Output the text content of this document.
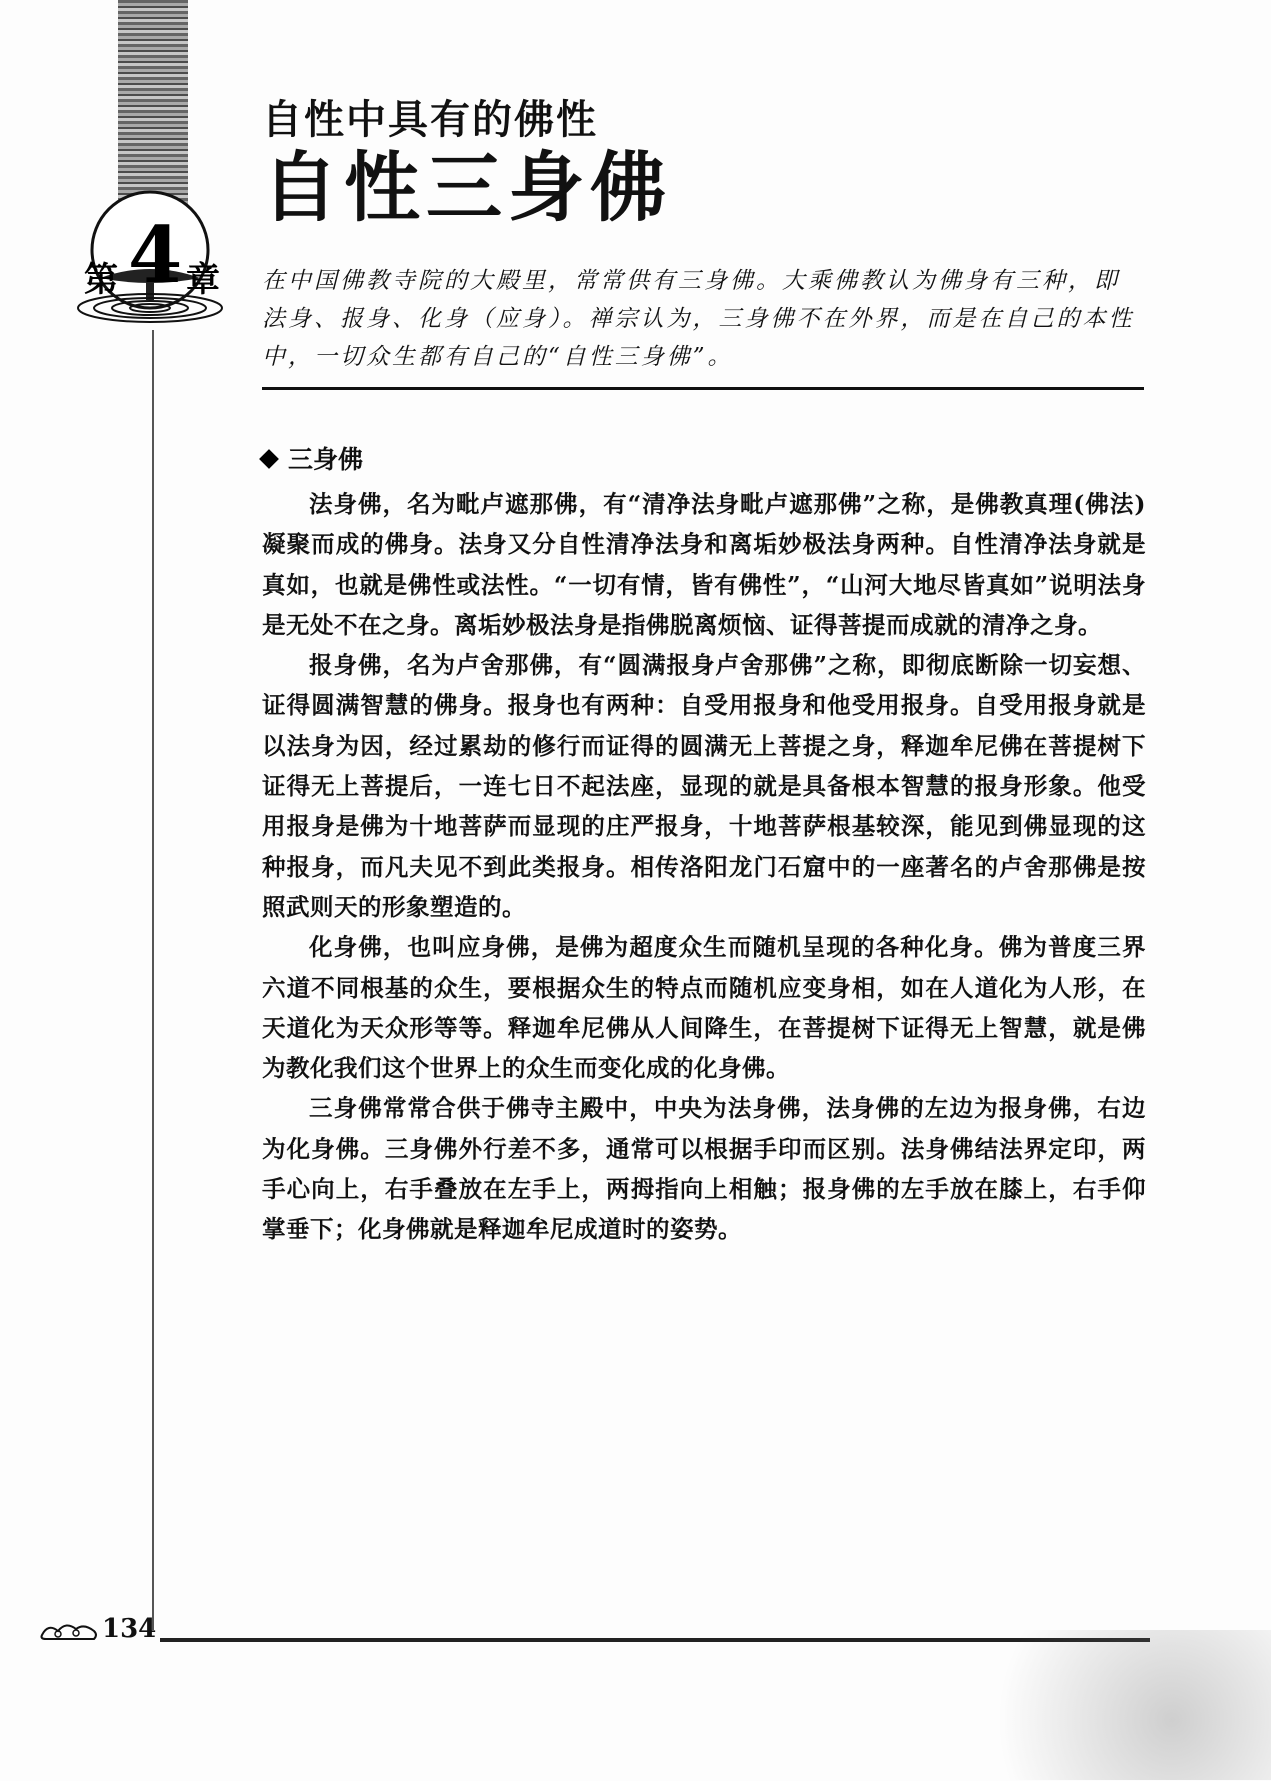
第 4 章
自性中具有的佛性
自性三身佛
在中国佛教寺院的大殿里，常常供有三身佛。大乘佛教认为佛身有三种，即法身、报身、化身（应身）。禅宗认为，三身佛不在外界，而是在自己的本性中，一切众生都有自己的“自性三身佛”。
三身佛

法身佛，名为毗卢遮那佛，有“清净法身毗卢遮那佛”之称，是佛教真理(佛法)凝聚而成的佛身。法身又分自性清净法身和离垢妙极法身两种。自性清净法身就是真如，也就是佛性或法性。“一切有情，皆有佛性”，“山河大地尽皆真如”说明法身是无处不在之身。离垢妙极法身是指佛脱离烦恼、证得菩提而成就的清净之身。

报身佛，名为卢舍那佛，有“圆满报身卢舍那佛”之称，即彻底断除一切妄想、证得圆满智慧的佛身。报身也有两种：自受用报身和他受用报身。自受用报身就是以法身为因，经过累劫的修行而证得的圆满无上菩提之身，释迦牟尼佛在菩提树下证得无上菩提后，一连七日不起法座，显现的就是具备根本智慧的报身形象。他受用报身是佛为十地菩萨而显现的庄严报身，十地菩萨根基较深，能见到佛显现的这种报身，而凡夫见不到此类报身。相传洛阳龙门石窟中的一座著名的卢舍那佛是按照武则天的形象塑造的。

化身佛，也叫应身佛，是佛为超度众生而随机呈现的各种化身。佛为普度三界六道不同根基的众生，要根据众生的特点而随机应变身相，如在人道化为人形，在天道化为天众形等等。释迦牟尼佛从人间降生，在菩提树下证得无上智慧，就是佛为教化我们这个世界上的众生而变化成的化身佛。

三身佛常常合供于佛寺主殿中，中央为法身佛，法身佛的左边为报身佛，右边为化身佛。三身佛外行差不多，通常可以根据手印而区别。法身佛结法界定印，两手心向上，右手叠放在左手上，两拇指向上相触；报身佛的左手放在膝上，右手仰掌垂下；化身佛就是释迦牟尼成道时的姿势。

134
